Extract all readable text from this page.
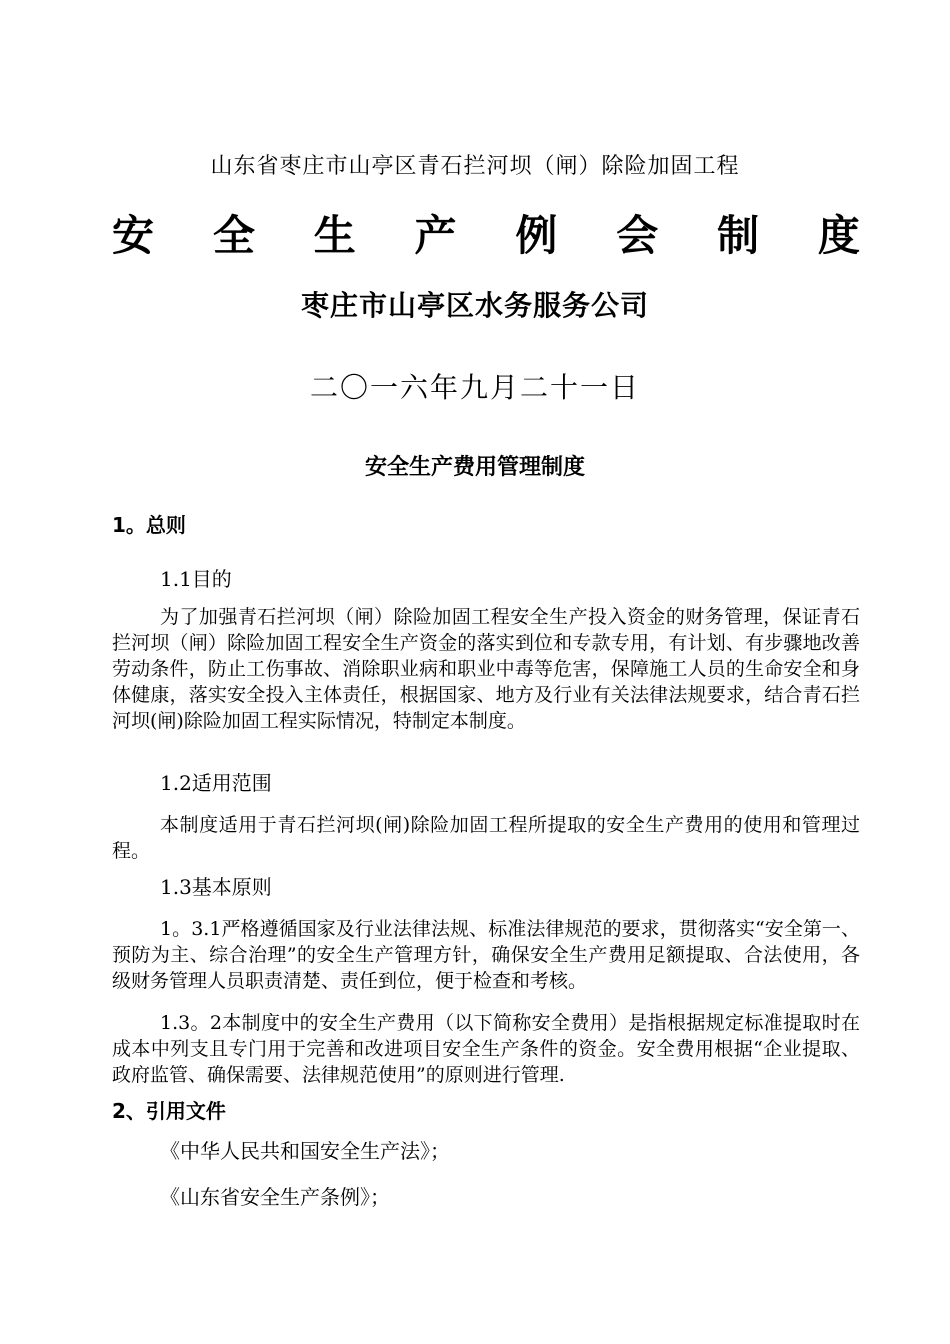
山东省枣庄市山亭区青石拦河坝（闸）除险加固工程
安 全 生 产 例 会 制 度
枣庄市山亭区水务服务公司
二〇一六年九月二十一日
安全生产费用管理制度
1。总则
1.1目的
为了加强青石拦河坝（闸）除险加固工程安全生产投入资金的财务管理，保证青石拦河坝（闸）除险加固工程安全生产资金的落实到位和专款专用，有计划、有步骤地改善劳动条件，防止工伤事故、消除职业病和职业中毒等危害，保障施工人员的生命安全和身体健康，落实安全投入主体责任，根据国家、地方及行业有关法律法规要求，结合青石拦河坝(闸)除险加固工程实际情况，特制定本制度。
1.2适用范围
本制度适用于青石拦河坝(闸)除险加固工程所提取的安全生产费用的使用和管理过程。
1.3基本原则
1。3.1严格遵循国家及行业法律法规、标准法律规范的要求，贯彻落实“安全第一、预防为主、综合治理”的安全生产管理方针，确保安全生产费用足额提取、合法使用，各级财务管理人员职责清楚、责任到位，便于检查和考核。
1.3。2本制度中的安全生产费用（以下简称安全费用）是指根据规定标准提取时在成本中列支且专门用于完善和改进项目安全生产条件的资金。安全费用根据“企业提取、政府监管、确保需要、法律规范使用”的原则进行管理.
2、引用文件
《中华人民共和国安全生产法》；
《山东省安全生产条例》；
